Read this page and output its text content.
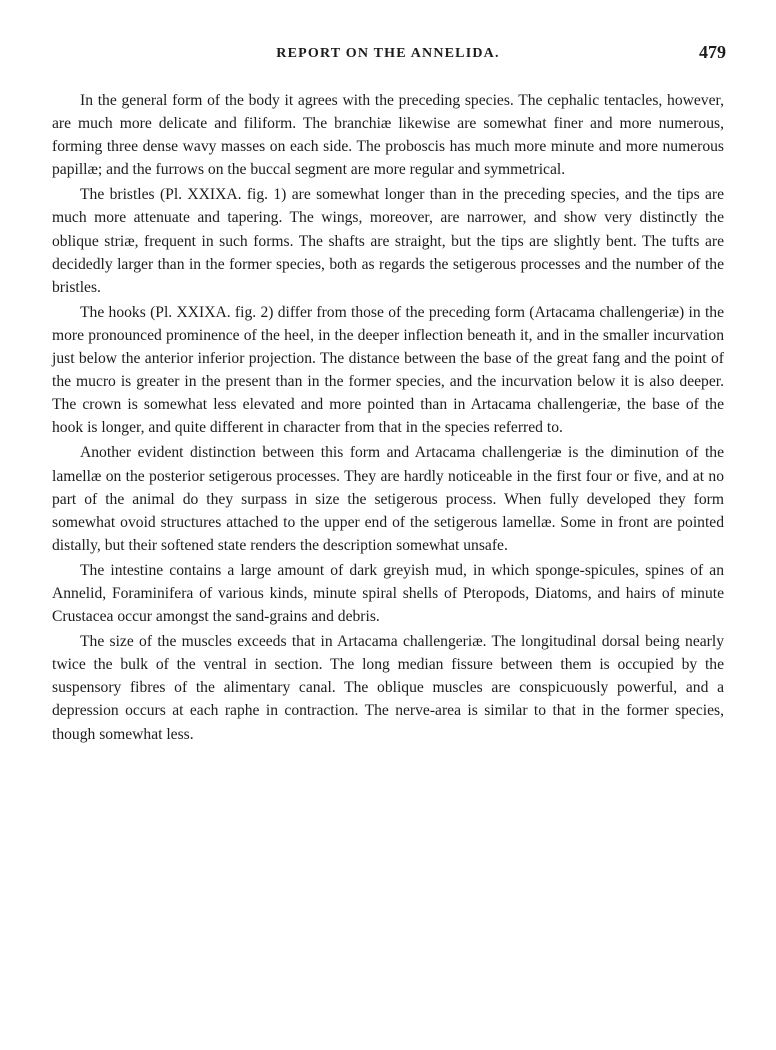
REPORT ON THE ANNELIDA.	479

In the general form of the body it agrees with the preceding species. The cephalic tentacles, however, are much more delicate and filiform. The branchiæ likewise are somewhat finer and more numerous, forming three dense wavy masses on each side. The proboscis has much more minute and more numerous papillæ; and the furrows on the buccal segment are more regular and symmetrical.

The bristles (Pl. XXIXA. fig. 1) are somewhat longer than in the preceding species, and the tips are much more attenuate and tapering. The wings, moreover, are narrower, and show very distinctly the oblique striæ, frequent in such forms. The shafts are straight, but the tips are slightly bent. The tufts are decidedly larger than in the former species, both as regards the setigerous processes and the number of the bristles.

The hooks (Pl. XXIXA. fig. 2) differ from those of the preceding form (Artacama challengeriæ) in the more pronounced prominence of the heel, in the deeper inflection beneath it, and in the smaller incurvation just below the anterior inferior projection. The distance between the base of the great fang and the point of the mucro is greater in the present than in the former species, and the incurvation below it is also deeper. The crown is somewhat less elevated and more pointed than in Artacama challengeriæ, the base of the hook is longer, and quite different in character from that in the species referred to.

Another evident distinction between this form and Artacama challengeriæ is the diminution of the lamellæ on the posterior setigerous processes. They are hardly noticeable in the first four or five, and at no part of the animal do they surpass in size the setigerous process. When fully developed they form somewhat ovoid structures attached to the upper end of the setigerous lamellæ. Some in front are pointed distally, but their softened state renders the description somewhat unsafe.

The intestine contains a large amount of dark greyish mud, in which sponge-spicules, spines of an Annelid, Foraminifera of various kinds, minute spiral shells of Pteropods, Diatoms, and hairs of minute Crustacea occur amongst the sand-grains and debris.

The size of the muscles exceeds that in Artacama challengeriæ. The longitudinal dorsal being nearly twice the bulk of the ventral in section. The long median fissure between them is occupied by the suspensory fibres of the alimentary canal. The oblique muscles are conspicuously powerful, and a depression occurs at each raphe in contraction. The nerve-area is similar to that in the former species, though somewhat less.
